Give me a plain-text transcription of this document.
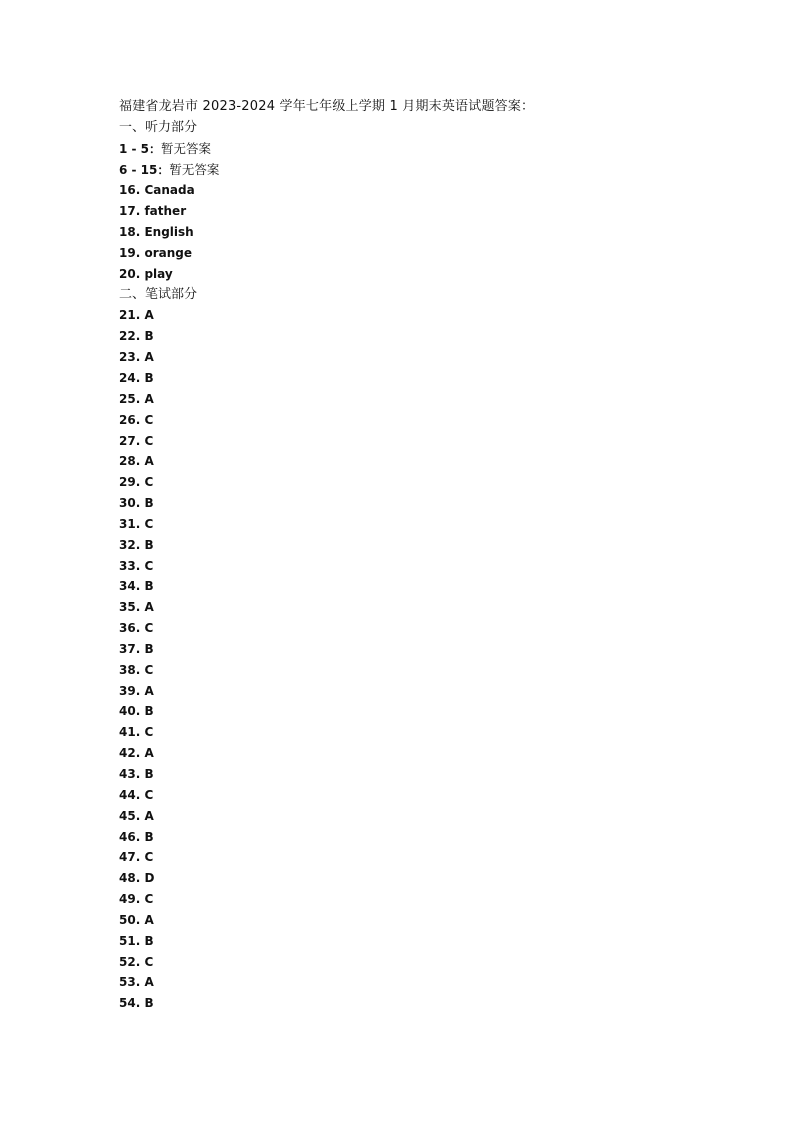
福建省龙岩市 2023-2024 学年七年级上学期 1 月期末英语试题答案：
一、听力部分
1 - 5：暂无答案
6 - 15：暂无答案
16. Canada
17. father
18. English
19. orange
20. play
二、笔试部分
21. A
22. B
23. A
24. B
25. A
26. C
27. C
28. A
29. C
30. B
31. C
32. B
33. C
34. B
35. A
36. C
37. B
38. C
39. A
40. B
41. C
42. A
43. B
44. C
45. A
46. B
47. C
48. D
49. C
50. A
51. B
52. C
53. A
54. B
